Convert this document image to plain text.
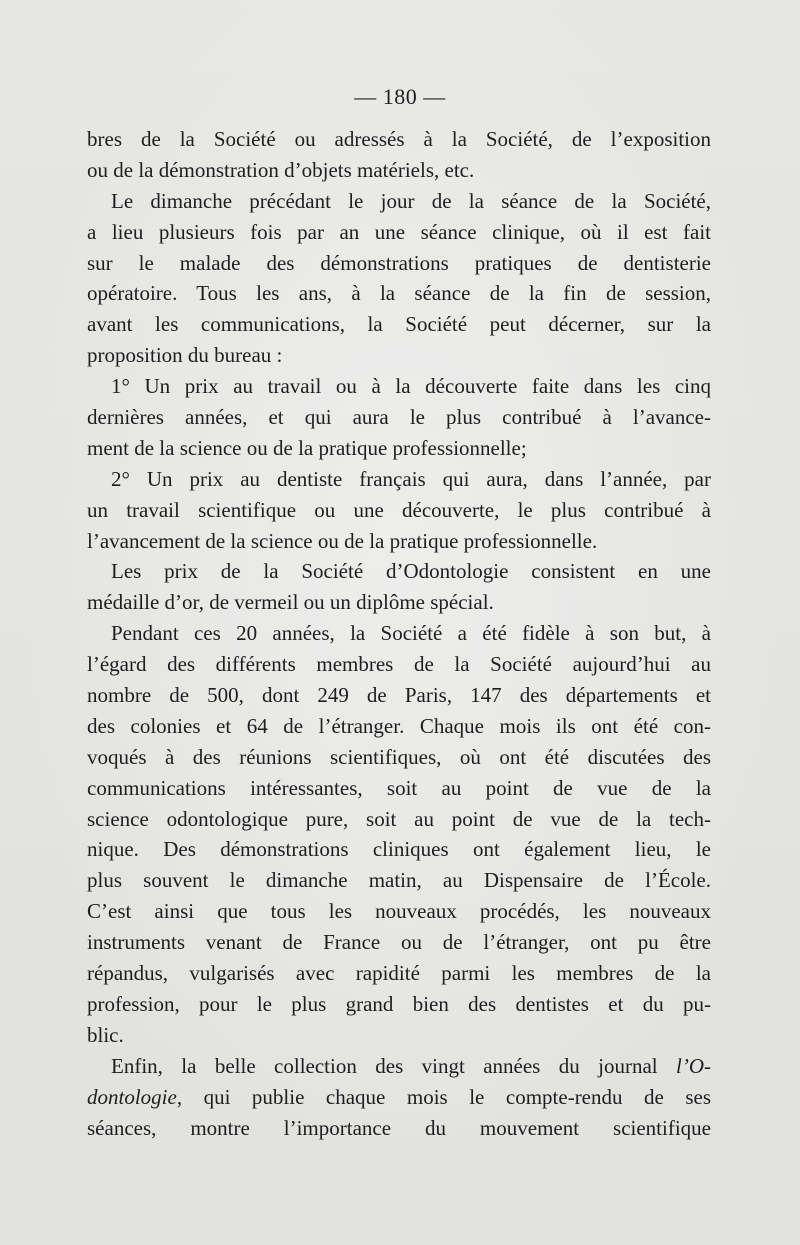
— 180 —
bres de la Société ou adressés à la Société, de l’exposition
ou de la démonstration d’objets matériels, etc.
Le dimanche précédant le jour de la séance de la Société,
a lieu plusieurs fois par an une séance clinique, où il est fait
sur le malade des démonstrations pratiques de dentisterie
opératoire. Tous les ans, à la séance de la fin de session,
avant les communications, la Société peut décerner, sur la
proposition du bureau :
1° Un prix au travail ou à la découverte faite dans les cinq
dernières années, et qui aura le plus contribué à l’avance-
ment de la science ou de la pratique professionnelle;
2° Un prix au dentiste français qui aura, dans l’année, par
un travail scientifique ou une découverte, le plus contribué à
l’avancement de la science ou de la pratique professionnelle.
Les prix de la Société d’Odontologie consistent en une
médaille d’or, de vermeil ou un diplôme spécial.
Pendant ces 20 années, la Société a été fidèle à son but, à
l’égard des différents membres de la Société aujourd’hui au
nombre de 500, dont 249 de Paris, 147 des départements et
des colonies et 64 de l’étranger. Chaque mois ils ont été con-
voqués à des réunions scientifiques, où ont été discutées des
communications intéressantes, soit au point de vue de la
science odontologique pure, soit au point de vue de la tech-
nique. Des démonstrations cliniques ont également lieu, le
plus souvent le dimanche matin, au Dispensaire de l’École.
C’est ainsi que tous les nouveaux procédés, les nouveaux
instruments venant de France ou de l’étranger, ont pu être
répandus, vulgarisés avec rapidité parmi les membres de la
profession, pour le plus grand bien des dentistes et du pu-
blic.
Enfin, la belle collection des vingt années du journal l’O-
dontologie, qui publie chaque mois le compte-rendu de ses
séances, montre l’importance du mouvement scientifique
